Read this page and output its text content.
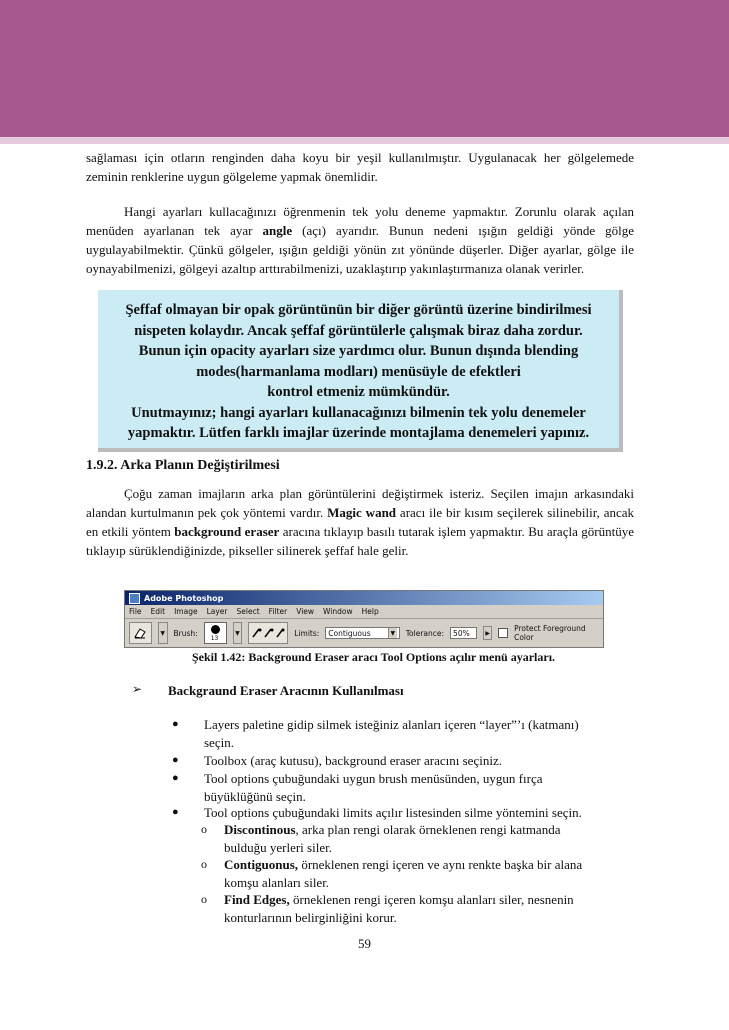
sağlaması için otların renginden daha koyu bir yeşil kullanılmıştır. Uygulanacak her gölgelemede zeminin renklerine uygun gölgeleme yapmak önemlidir.

Hangi ayarları kullacağınızı öğrenmenin tek yolu deneme yapmaktır. Zorunlu olarak açılan menüden ayarlanan tek ayar angle (açı) ayarıdır. Bunun nedeni ışığın geldiği yönde gölge uygulayabilmektir. Çünkü gölgeler, ışığın geldiği yönün zıt yönünde düşerler. Diğer ayarlar, gölge ile oynayabilmenizi, gölgeyi azaltıp arttırabilmenizi, uzaklaştırıp yakınlaştırmanıza olanak verirler.

Şeffaf olmayan bir opak görüntünün bir diğer görüntü üzerine bindirilmesi

nispeten kolaydır. Ancak şeffaf görüntülerle çalışmak biraz daha zordur.

Bunun için opacity ayarları size yardımcı olur. Bunun dışında blending

modes(harmanlama modları) menüsüyle de efektleri

kontrol etmeniz mümkündür.

Unutmayınız; hangi ayarları kullanacağınızı bilmenin tek yolu denemeler

yapmaktır. Lütfen farklı imajlar üzerinde montajlama denemeleri yapınız.

1.9.2. Arka Planın Değiştirilmesi

Çoğu zaman imajların arka plan görüntülerini değiştirmek isteriz. Seçilen imajın arkasındaki alandan kurtulmanın pek çok yöntemi vardır. Magic wand aracı ile bir kısım seçilerek silinebilir, ancak en etkili yöntem background eraser aracına tıklayıp basılı tutarak işlem yapmaktır. Bu araçla görüntüye tıklayıp sürüklendiğinizde, pikseller silinerek şeffaf hale gelir.

Adobe Photoshop
File Edit Image Layer Select Filter View Window Help
▼	Brush:
13
▼	Limits: Contiguous	▼ Tolerance: 50%	▶	Protect Foreground Color

Şekil 1.42: Background Eraser aracı Tool Options açılır menü ayarları.

➢ Backgraund Eraser Aracının Kullanılması

● Layers paletine gidip silmek isteğiniz alanları içeren “layer”’ı (katmanı)
seçin.

● Toolbox (araç kutusu), background eraser aracını seçiniz.

● Tool options çubuğundaki uygun brush menüsünden, uygun fırça
büyüklüğünü seçin.

● Tool options çubuğundaki limits açılır listesinden silme yöntemini seçin.

o Discontinous, arka plan rengi olarak örneklenen rengi katmanda
bulduğu yerleri siler.

o Contiguonus, örneklenen rengi içeren ve aynı renkte başka bir alana
komşu alanları siler.

o Find Edges, örneklenen rengi içeren komşu alanları siler, nesnenin
konturlarının belirginliğini korur.

59
